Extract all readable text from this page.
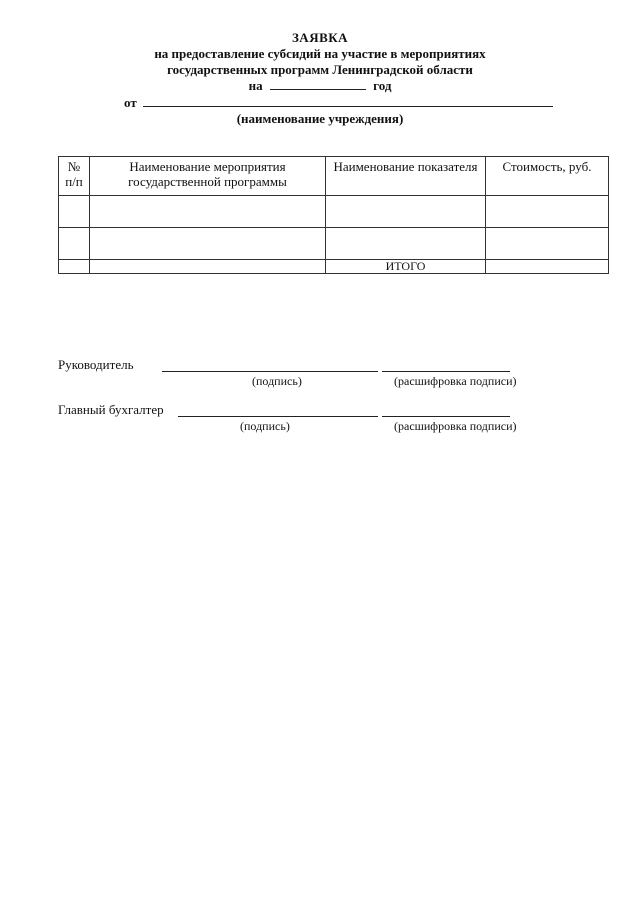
ЗАЯВКА
на предоставление субсидий на участие в мероприятиях
государственных программ Ленинградской области
на	год
от
(наименование учреждения)
№ п/п	Наименование мероприятия государственной программы	Наименование показателя	Стоимость, руб.

		ИТОГО	
Руководитель
(подпись)	(расшифровка подписи)
Главный бухгалтер
(подпись)	(расшифровка подписи)
